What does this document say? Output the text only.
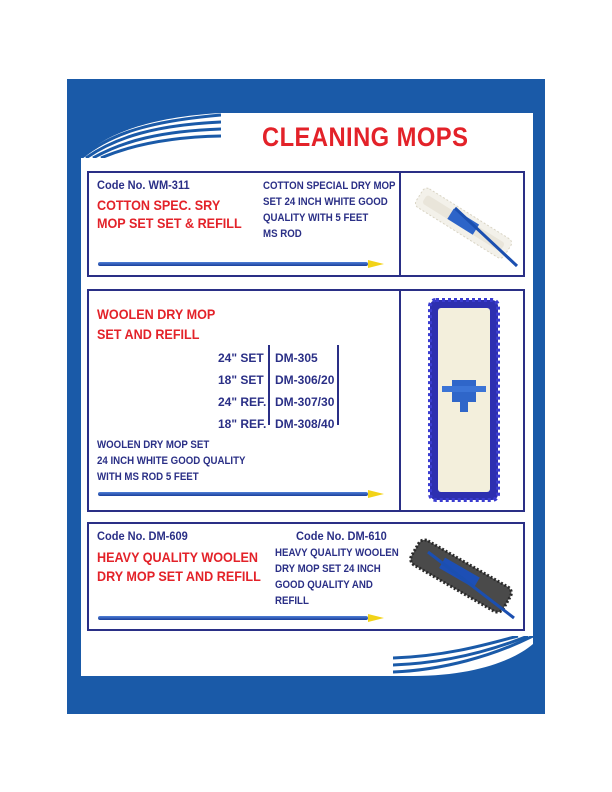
CLEANING MOPS
Code No. WM-311
COTTON SPEC. SRY
MOP SET SET & REFILL
COTTON SPECIAL DRY MOP
SET 24 INCH WHITE GOOD
QUALITY WITH 5 FEET
MS ROD
WOOLEN DRY MOP
SET AND REFILL
24" SET
18" SET
24" REF.
18" REF.
DM-305
DM-306/20
DM-307/30
DM-308/40
WOOLEN DRY MOP SET
24 INCH WHITE GOOD QUALITY
WITH MS ROD 5 FEET
Code No. DM-609	Code No. DM-610
HEAVY QUALITY WOOLEN
DRY MOP SET AND REFILL
HEAVY QUALITY WOOLEN
DRY MOP SET 24 INCH
GOOD QUALITY AND
REFILL
